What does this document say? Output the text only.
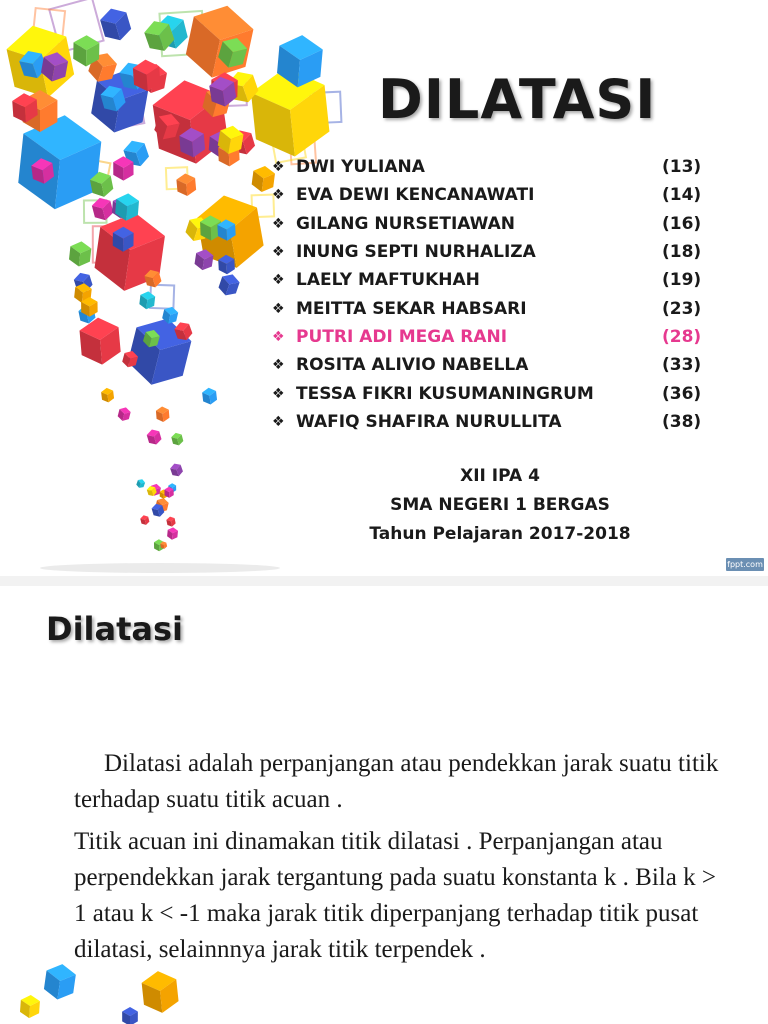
DILATASI
❖ DWI YULIANA	(13)
❖ EVA DEWI KENCANAWATI	(14)
❖ GILANG NURSETIAWAN	(16)
❖ INUNG SEPTI NURHALIZA	(18)
❖ LAELY MAFTUKHAH	(19)
❖ MEITTA SEKAR HABSARI	(23)
❖ PUTRI ADI MEGA RANI	(28)
❖ ROSITA ALIVIO NABELLA	(33)
❖ TESSA FIKRI KUSUMANINGRUM	(36)
❖ WAFIQ SHAFIRA NURULLITA	(38)
XII IPA 4
SMA NEGERI 1 BERGAS
Tahun Pelajaran 2017-2018
fppt.com
Dilatasi

Dilatasi adalah perpanjangan atau pendekkan jarak suatu titik terhadap suatu titik acuan .

Titik acuan ini dinamakan titik dilatasi . Perpanjangan atau perpendekkan jarak tergantung pada suatu konstanta k . Bila k > 1 atau k < -1 maka jarak titik diperpanjang terhadap titik pusat dilatasi, selainnnya jarak titik terpendek .
